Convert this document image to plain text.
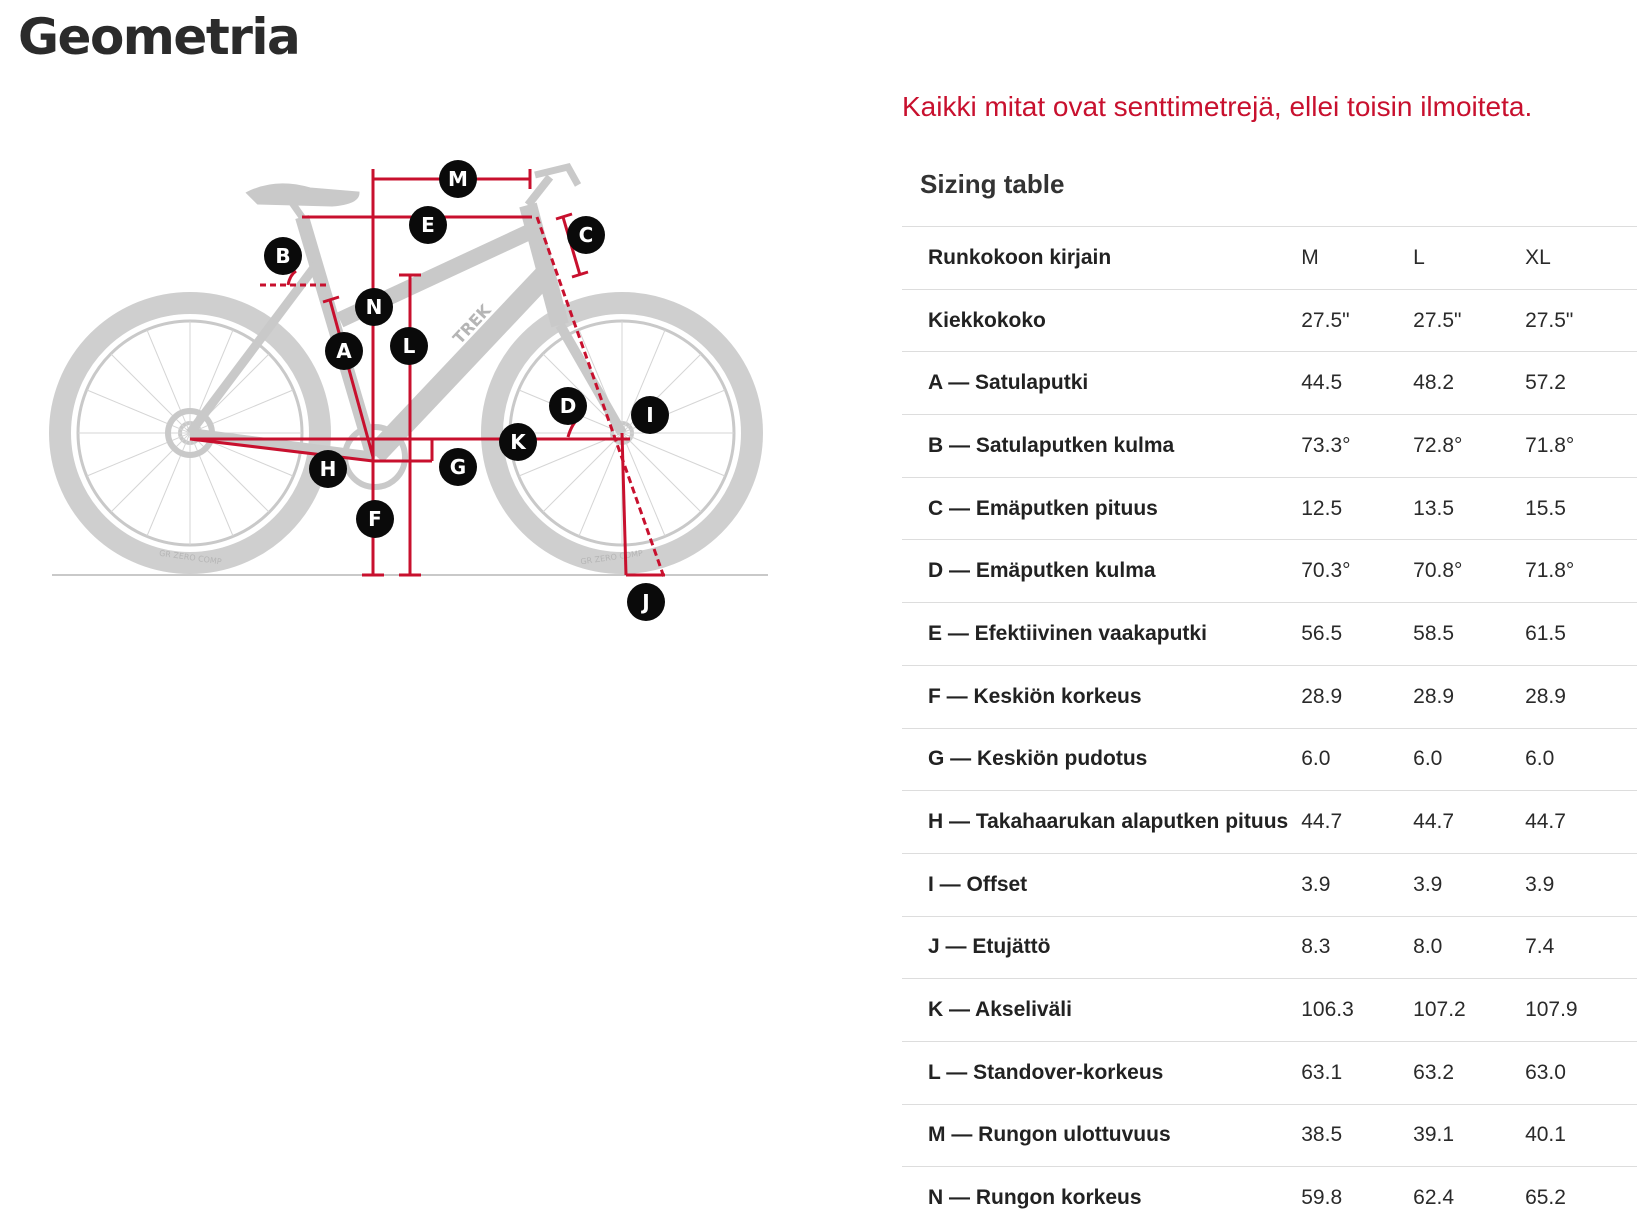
Geometria
TREK
GR ZERO COMP	GR ZERO COMP
M
E	C
B
N
L
A
D	I
K
H	G
F
J

Kaikki mitat ovat senttimetrejä, ellei toisin ilmoiteta.

Sizing table
Runkokoon kirjain	M	L	XL
Kiekkokoko	27.5"	27.5"	27.5"
A — Satulaputki	44.5	48.2	57.2
B — Satulaputken kulma	73.3°	72.8°	71.8°
C — Emäputken pituus	12.5	13.5	15.5
D — Emäputken kulma	70.3°	70.8°	71.8°
E — Efektiivinen vaakaputki	56.5	58.5	61.5
F — Keskiön korkeus	28.9	28.9	28.9
G — Keskiön pudotus	6.0	6.0	6.0
H — Takahaarukan alaputken pituus	44.7	44.7	44.7
I — Offset	3.9	3.9	3.9
J — Etujättö	8.3	8.0	7.4
K — Akseliväli	106.3	107.2	107.9
L — Standover-korkeus	63.1	63.2	63.0
M — Rungon ulottuvuus	38.5	39.1	40.1
N — Rungon korkeus	59.8	62.4	65.2
